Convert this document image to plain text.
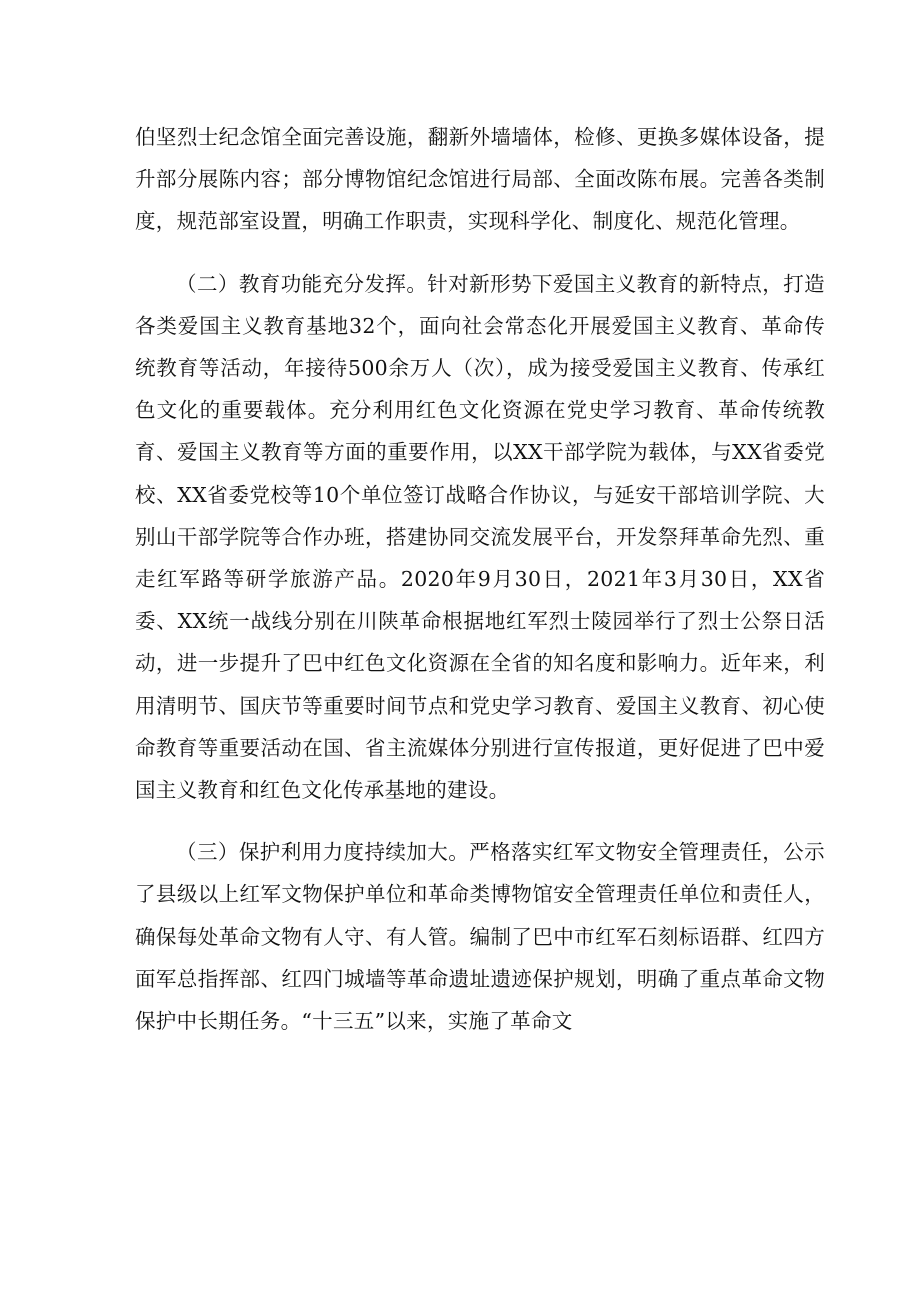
伯坚烈士纪念馆全面完善设施，翻新外墙墙体，检修、更换多媒体设备，提升部分展陈内容；部分博物馆纪念馆进行局部、全面改陈布展。完善各类制度，规范部室设置，明确工作职责，实现科学化、制度化、规范化管理。

（二）教育功能充分发挥。针对新形势下爱国主义教育的新特点，打造各类爱国主义教育基地32个，面向社会常态化开展爱国主义教育、革命传统教育等活动，年接待500余万人（次），成为接受爱国主义教育、传承红色文化的重要载体。充分利用红色文化资源在党史学习教育、革命传统教育、爱国主义教育等方面的重要作用，以XX干部学院为载体，与XX省委党校、XX省委党校等10个单位签订战略合作协议，与延安干部培训学院、大别山干部学院等合作办班，搭建协同交流发展平台，开发祭拜革命先烈、重走红军路等研学旅游产品。2020年9月30日，2021年3月30日，XX省委、XX统一战线分别在川陕革命根据地红军烈士陵园举行了烈士公祭日活动，进一步提升了巴中红色文化资源在全省的知名度和影响力。近年来，利用清明节、国庆节等重要时间节点和党史学习教育、爱国主义教育、初心使命教育等重要活动在国、省主流媒体分别进行宣传报道，更好促进了巴中爱国主义教育和红色文化传承基地的建设。

（三）保护利用力度持续加大。严格落实红军文物安全管理责任，公示了县级以上红军文物保护单位和革命类博物馆安全管理责任单位和责任人，确保每处革命文物有人守、有人管。编制了巴中市红军石刻标语群、红四方面军总指挥部、红四门城墙等革命遗址遗迹保护规划，明确了重点革命文物保护中长期任务。“十三五”以来，实施了革命文
